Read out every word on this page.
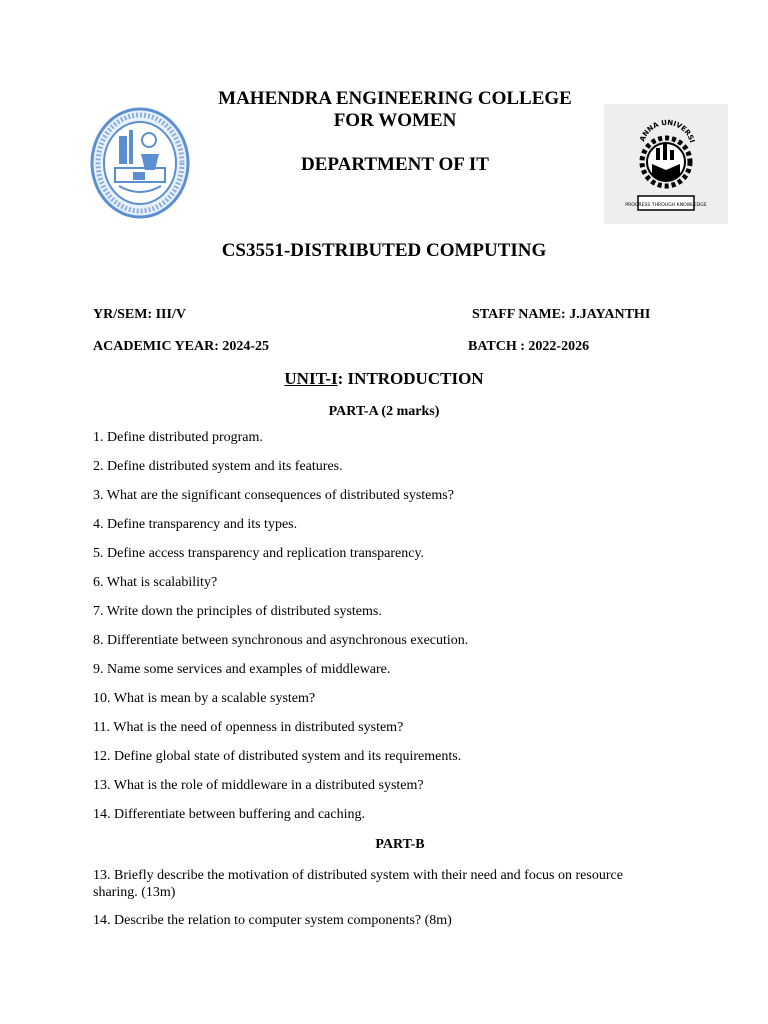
MAHENDRA ENGINEERING COLLEGE
FOR WOMEN
DEPARTMENT OF IT
ANNA UNIVERSI
PROGRESS THROUGH KNOWLEDGE
CS3551-DISTRIBUTED COMPUTING
YR/SEM: III/V	STAFF NAME: J.JAYANTHI
ACADEMIC YEAR: 2024-25	BATCH : 2022-2026
UNIT-I: INTRODUCTION
PART-A (2 marks)
1. Define distributed program.
2. Define distributed system and its features.
3. What are the significant consequences of distributed systems?
4. Define transparency and its types.
5. Define access transparency and replication transparency.
6. What is scalability?
7. Write down the principles of distributed systems.
8. Differentiate between synchronous and asynchronous execution.
9. Name some services and examples of middleware.
10. What is mean by a scalable system?
11. What is the need of openness in distributed system?
12. Define global state of distributed system and its requirements.
13. What is the role of middleware in a distributed system?
14. Differentiate between buffering and caching.
PART-B
13. Briefly describe the motivation of distributed system with their need and focus on resource sharing. (13m)
14. Describe the relation to computer system components? (8m)
